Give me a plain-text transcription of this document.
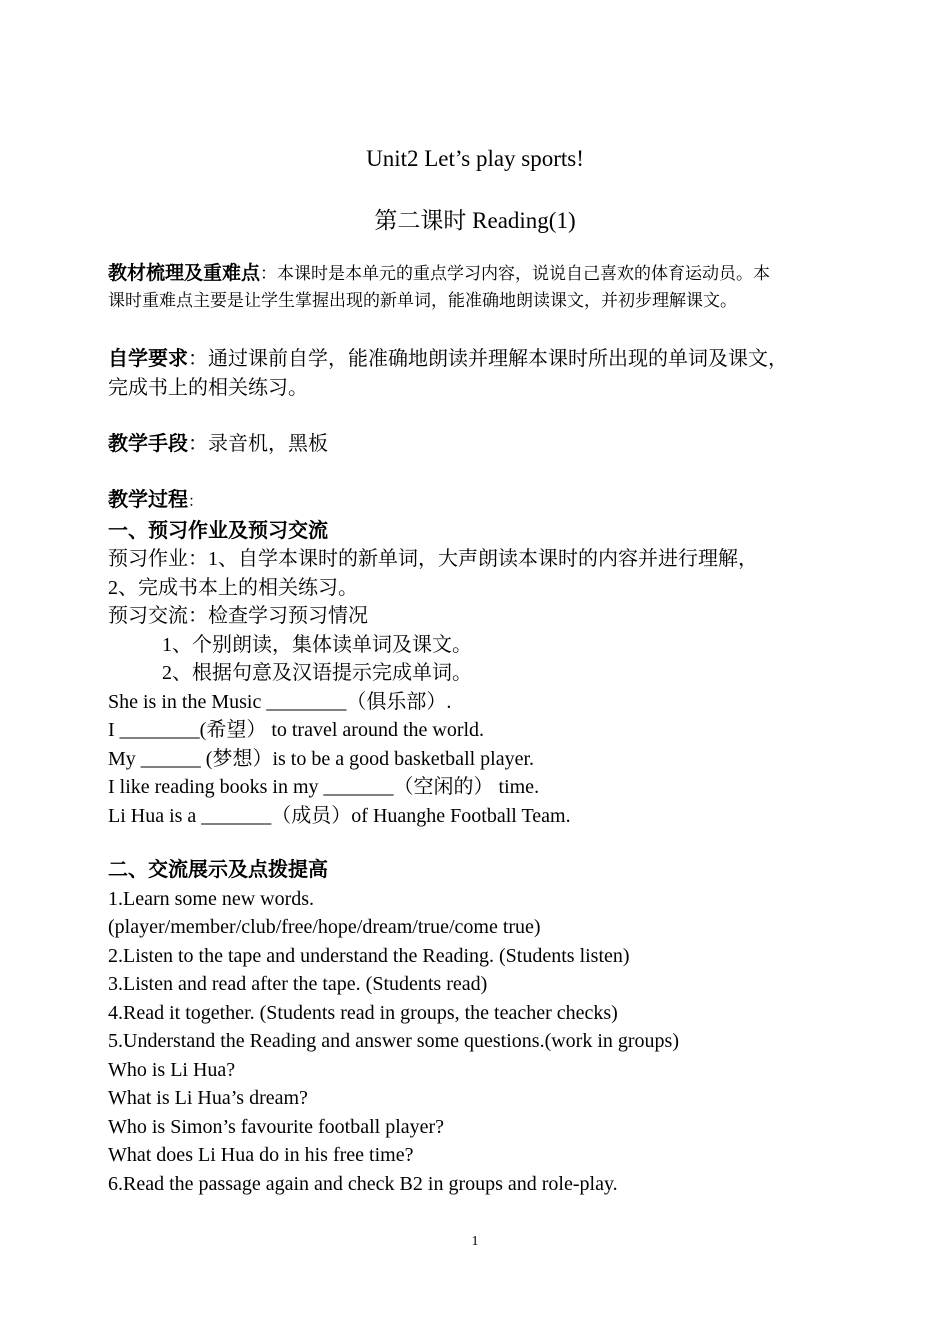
Unit2 Let’s play sports!
第二课时 Reading(1)
教材梳理及重难点：本课时是本单元的重点学习内容，说说自己喜欢的体育运动员。本
课时重难点主要是让学生掌握出现的新单词，能准确地朗读课文，并初步理解课文。
自学要求：通过课前自学，能准确地朗读并理解本课时所出现的单词及课文，
完成书上的相关练习。
教学手段：录音机，黑板
教学过程：
一、预习作业及预习交流
预习作业：1、自学本课时的新单词，大声朗读本课时的内容并进行理解，
2、完成书本上的相关练习。
预习交流：检查学习预习情况
1、个别朗读，集体读单词及课文。
2、根据句意及汉语提示完成单词。
She is in the Music ________（俱乐部）.
I ________(希望） to travel around the world.
My ______ (梦想）is to be a good basketball player.
I like reading books in my _______（空闲的） time.
Li Hua is a _______（成员）of Huanghe Football Team.
二、交流展示及点拨提高
1.Learn some new words.
(player/member/club/free/hope/dream/true/come true)
2.Listen to the tape and understand the Reading. (Students listen)
3.Listen and read after the tape. (Students read)
4.Read it together. (Students read in groups, the teacher checks)
5.Understand the Reading and answer some questions.(work in groups)
Who is Li Hua?
What is Li Hua’s dream?
Who is Simon’s favourite football player?
What does Li Hua do in his free time?
6.Read the passage again and check B2 in groups and role-play.
1
